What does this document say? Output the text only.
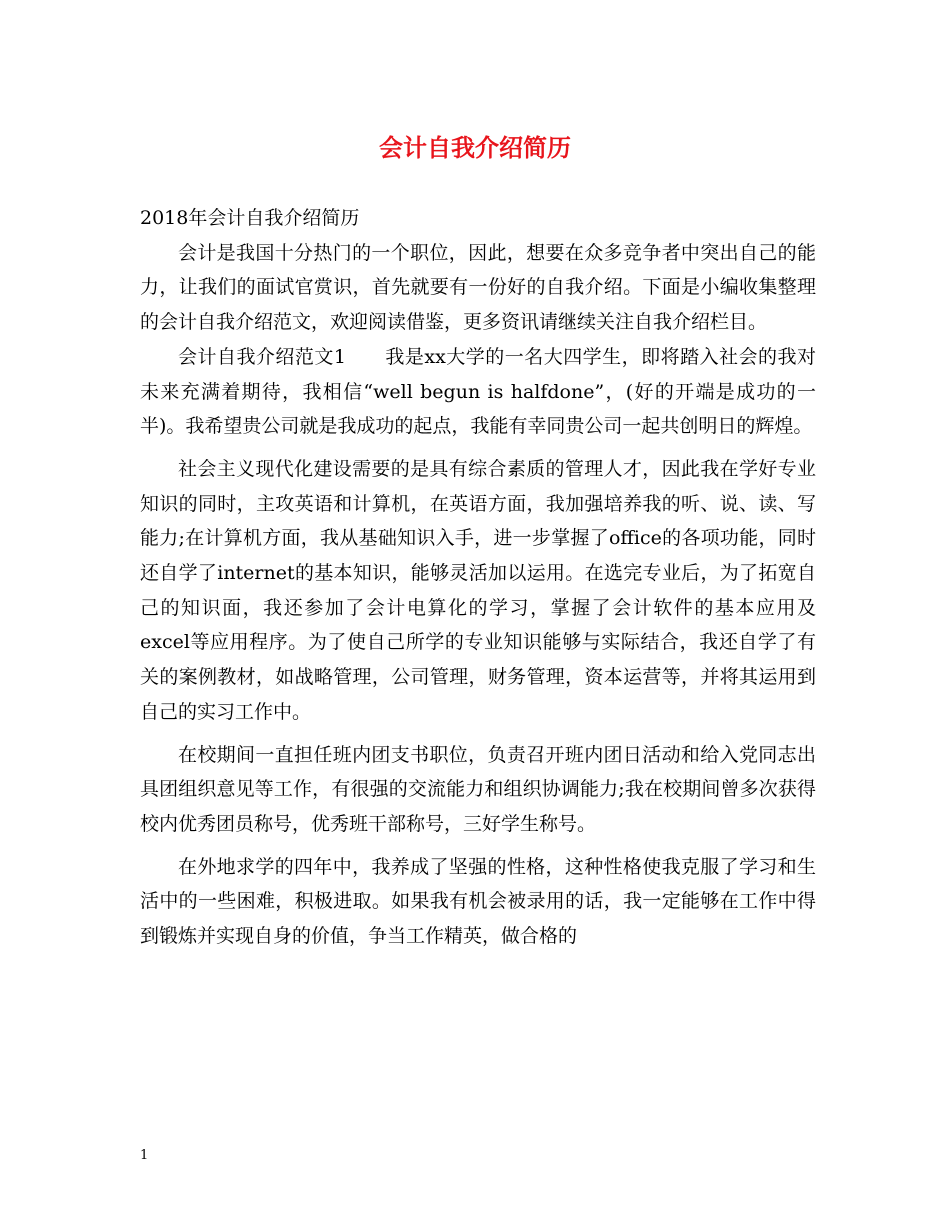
会计自我介绍简历

2018年会计自我介绍简历

会计是我国十分热门的一个职位，因此，想要在众多竞争者中突出自己的能力，让我们的面试官赏识，首先就要有一份好的自我介绍。下面是小编收集整理的会计自我介绍范文，欢迎阅读借鉴，更多资讯请继续关注自我介绍栏目。

会计自我介绍范文1　　我是xx大学的一名大四学生，即将踏入社会的我对未来充满着期待，我相信“well begun is halfdone”，(好的开端是成功的一半)。我希望贵公司就是我成功的起点，我能有幸同贵公司一起共创明日的辉煌。

社会主义现代化建设需要的是具有综合素质的管理人才，因此我在学好专业知识的同时，主攻英语和计算机，在英语方面，我加强培养我的听、说、读、写能力;在计算机方面，我从基础知识入手，进一步掌握了office的各项功能，同时还自学了internet的基本知识，能够灵活加以运用。在选完专业后，为了拓宽自己的知识面，我还参加了会计电算化的学习，掌握了会计软件的基本应用及excel等应用程序。为了使自己所学的专业知识能够与实际结合，我还自学了有关的案例教材，如战略管理，公司管理，财务管理，资本运营等，并将其运用到自己的实习工作中。

在校期间一直担任班内团支书职位，负责召开班内团日活动和给入党同志出具团组织意见等工作，有很强的交流能力和组织协调能力;我在校期间曾多次获得校内优秀团员称号，优秀班干部称号，三好学生称号。

在外地求学的四年中，我养成了坚强的性格，这种性格使我克服了学习和生活中的一些困难，积极进取。如果我有机会被录用的话，我一定能够在工作中得到锻炼并实现自身的价值，争当工作精英，做合格的

1
